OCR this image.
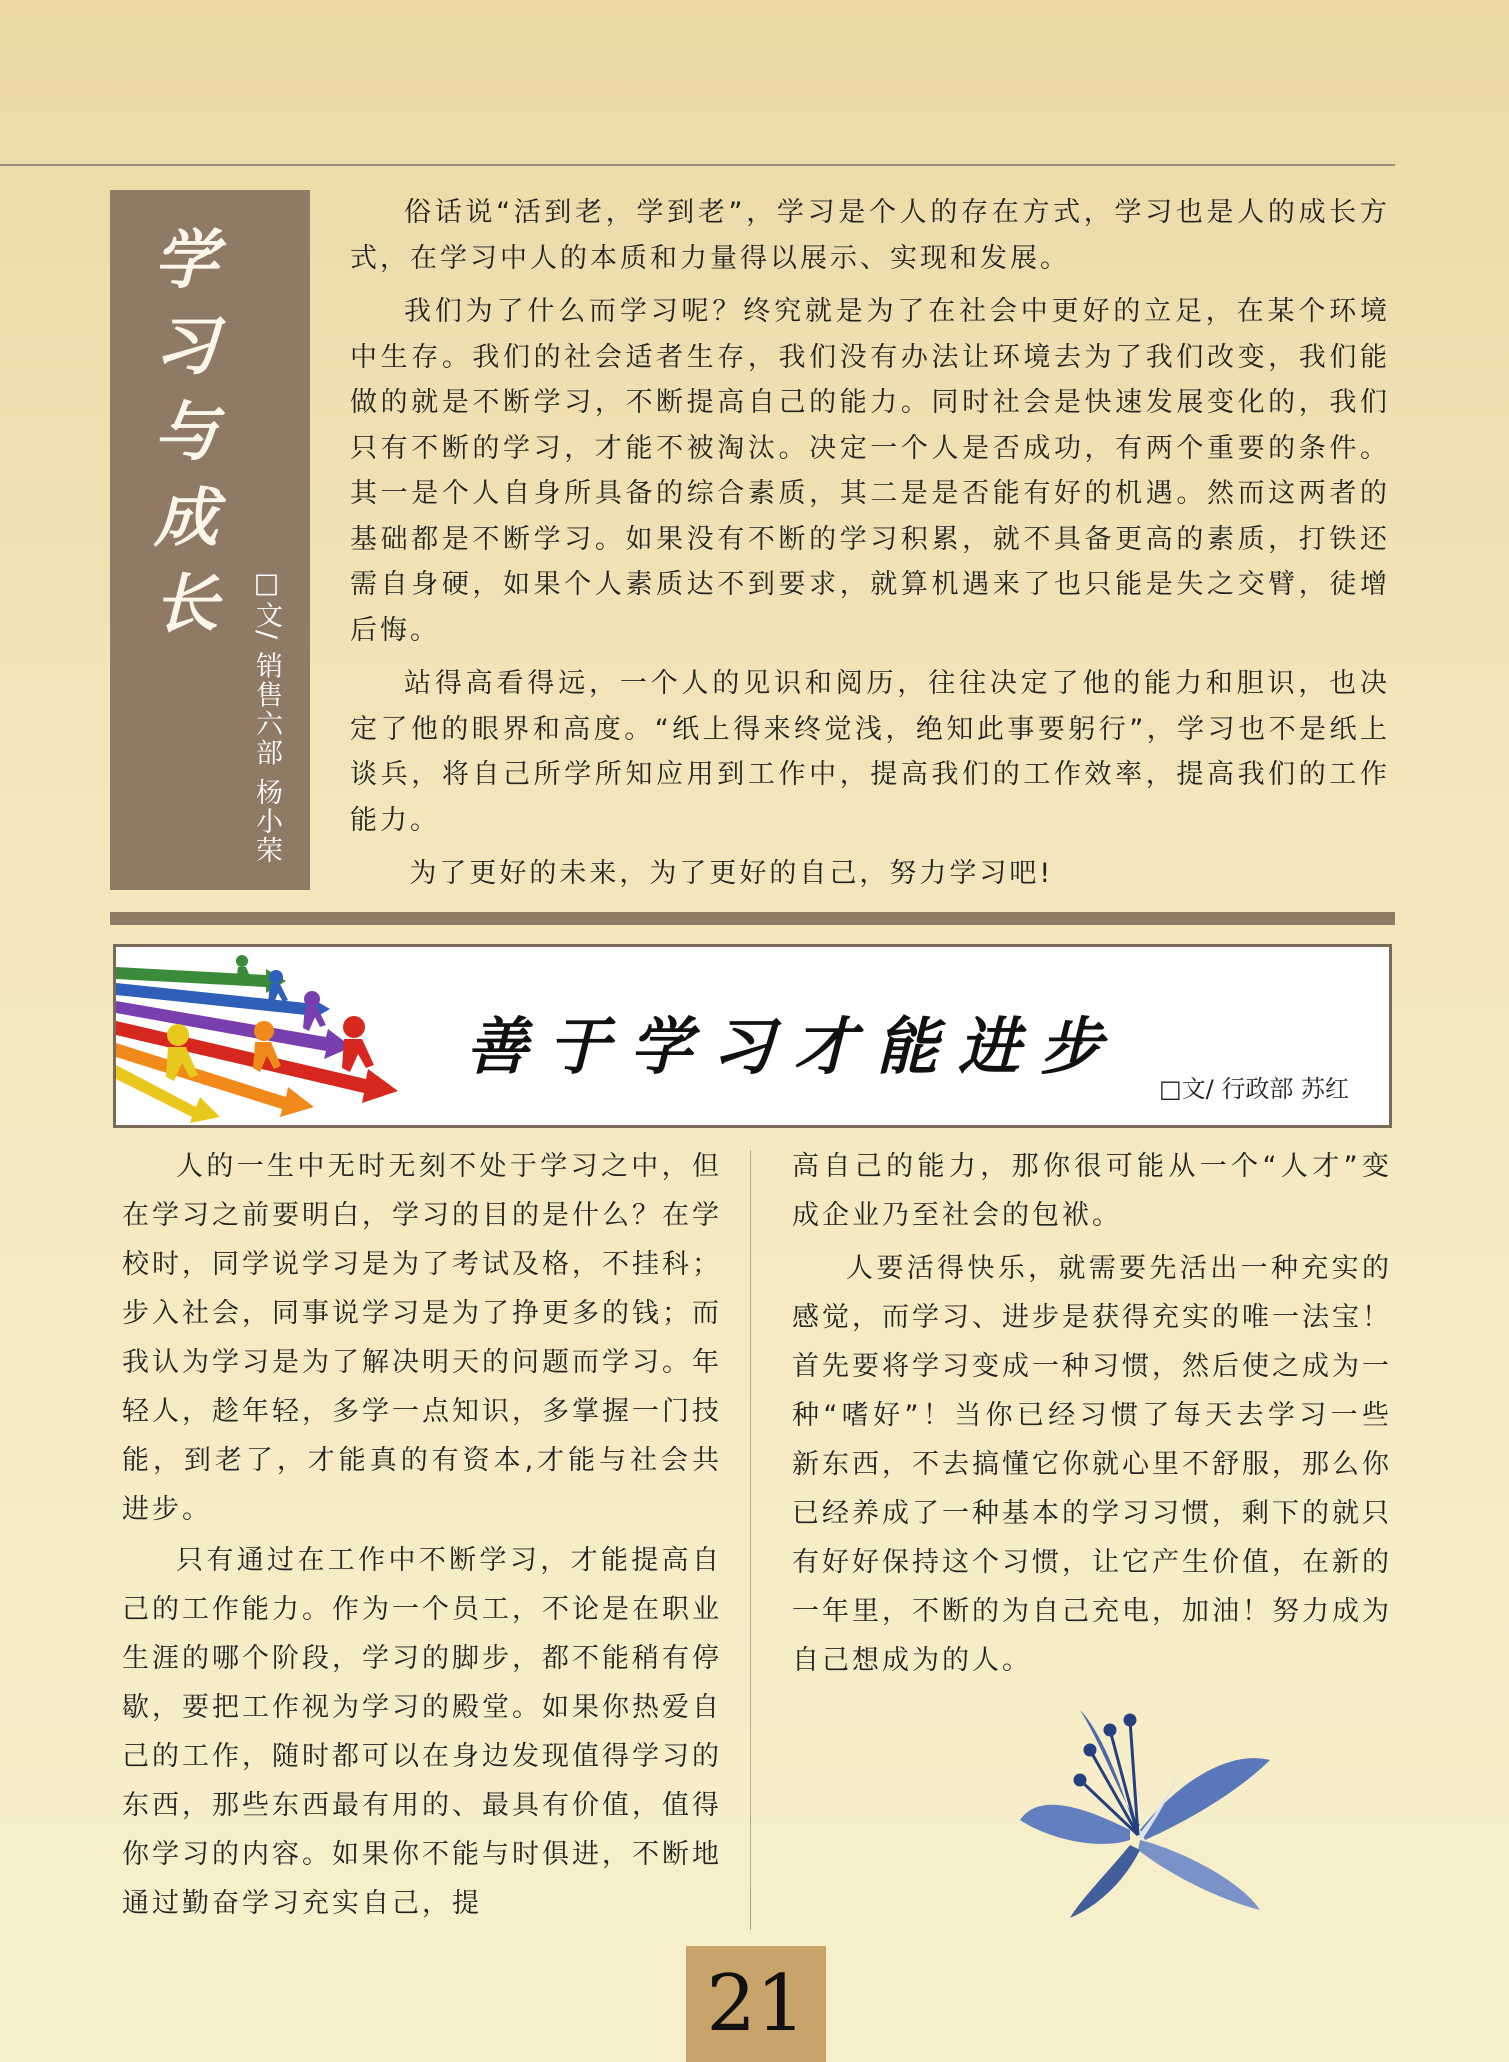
学
习
与
成
长	□文/ 销售六部 杨小荣

俗话说“活到老，学到老”，学习是个人的存在方式，学习也是人的成长方式，在学习中人的本质和力量得以展示、实现和发展。

我们为了什么而学习呢？终究就是为了在社会中更好的立足，在某个环境中生存。我们的社会适者生存，我们没有办法让环境去为了我们改变，我们能做的就是不断学习，不断提高自己的能力。同时社会是快速发展变化的，我们只有不断的学习，才能不被淘汰。决定一个人是否成功，有两个重要的条件。其一是个人自身所具备的综合素质，其二是是否能有好的机遇。然而这两者的基础都是不断学习。如果没有不断的学习积累，就不具备更高的素质，打铁还需自身硬，如果个人素质达不到要求，就算机遇来了也只能是失之交臂，徒增后悔。

站得高看得远，一个人的见识和阅历，往往决定了他的能力和胆识，也决定了他的眼界和高度。“纸上得来终觉浅，绝知此事要躬行”，学习也不是纸上谈兵，将自己所学所知应用到工作中，提高我们的工作效率，提高我们的工作能力。

为了更好的未来，为了更好的自己，努力学习吧!

善于学习才能进步
□文/ 行政部 苏红

人的一生中无时无刻不处于学习之中，但在学习之前要明白，学习的目的是什么？在学校时，同学说学习是为了考试及格，不挂科；步入社会，同事说学习是为了挣更多的钱；而我认为学习是为了解决明天的问题而学习。年轻人，趁年轻，多学一点知识，多掌握一门技能，到老了，才能真的有资本,才能与社会共进步。

只有通过在工作中不断学习，才能提高自己的工作能力。作为一个员工，不论是在职业生涯的哪个阶段，学习的脚步，都不能稍有停歇，要把工作视为学习的殿堂。如果你热爱自己的工作，随时都可以在身边发现值得学习的东西，那些东西最有用的、最具有价值，值得你学习的内容。如果你不能与时俱进，不断地通过勤奋学习充实自己，提

高自己的能力，那你很可能从一个“人才”变成企业乃至社会的包袱。

人要活得快乐，就需要先活出一种充实的感觉，而学习、进步是获得充实的唯一法宝！首先要将学习变成一种习惯，然后使之成为一种“嗜好”！当你已经习惯了每天去学习一些新东西，不去搞懂它你就心里不舒服，那么你已经养成了一种基本的学习习惯，剩下的就只有好好保持这个习惯，让它产生价值，在新的一年里，不断的为自己充电，加油！努力成为自己想成为的人。

21
